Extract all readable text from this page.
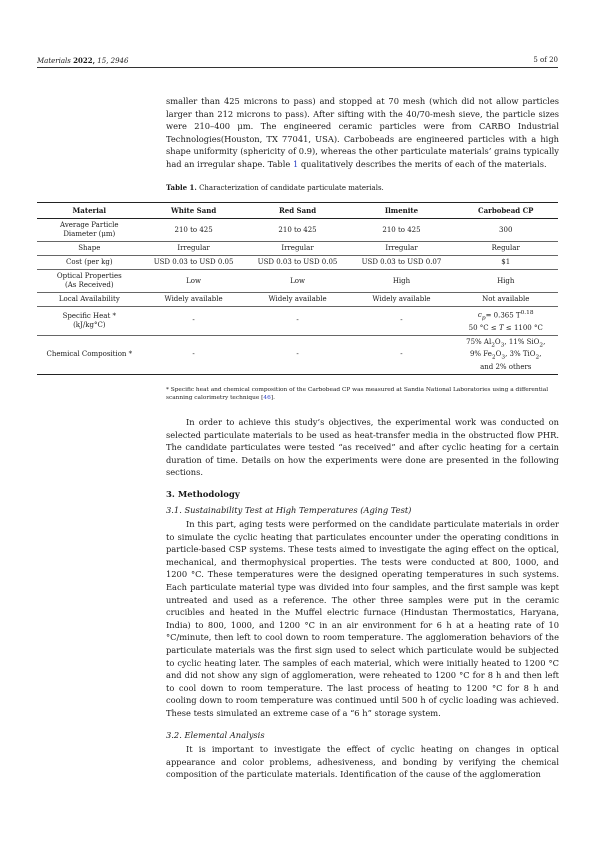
Materials 2022, 15, 2946	5 of 20

smaller than 425 microns to pass) and stopped at 70 mesh (which did not allow particles larger than 212 microns to pass). After sifting with the 40/70-mesh sieve, the particle sizes were 210–400 μm. The engineered ceramic particles were from CARBO Industrial Technologies(Houston, TX 77041, USA). Carbobeads are engineered particles with a high shape uniformity (sphericity of 0.9), whereas the other particulate materials’ grains typically had an irregular shape. Table 1 qualitatively describes the merits of each of the materials.

Table 1. Characterization of candidate particulate materials.

Material	White Sand	Red Sand	Ilmenite	Carbobead CP
Average Particle
Diameter (μm)	210 to 425	210 to 425	210 to 425	300
Shape	Irregular	Irregular	Irregular	Regular
Cost (per kg)	USD 0.03 to USD 0.05	USD 0.03 to USD 0.05	USD 0.03 to USD 0.07	$1
Optical Properties
(As Received)	Low	Low	High	High
Local Availability	Widely available	Widely available	Widely available	Not available
Specific Heat *
(kJ/kg°C)	-	-	-	$c_p= 0.365$ $T^{0.18}$
50 °C ≤ T ≤ 1100 °C
Chemical Composition *	-	-	-	75% $Al_2O_3$, 11% SiO$_2$,
9% $Fe_2O_3$, 3% TiO$_2$,
and 2% others

* Specific heat and chemical composition of the Carbobead CP was measured at Sandia National Laboratories using a differential scanning calorimetry technique [46].

In order to achieve this study’s objectives, the experimental work was conducted on selected particulate materials to be used as heat-transfer media in the obstructed flow PHR. The candidate particulates were tested “as received” and after cyclic heating for a certain duration of time. Details on how the experiments were done are presented in the following sections.

3. Methodology

3.1. Sustainability Test at High Temperatures (Aging Test)

In this part, aging tests were performed on the candidate particulate materials in order to simulate the cyclic heating that particulates encounter under the operating conditions in particle-based CSP systems. These tests aimed to investigate the aging effect on the optical, mechanical, and thermophysical properties. The tests were conducted at 800, 1000, and 1200 °C. These temperatures were the designed operating temperatures in such systems. Each particulate material type was divided into four samples, and the first sample was kept untreated and used as a reference. The other three samples were put in the ceramic crucibles and heated in the Muffel electric furnace (Hindustan Thermostatics, Haryana, India) to 800, 1000, and 1200 °C in an air environment for 6 h at a heating rate of 10 °C/minute, then left to cool down to room temperature. The agglomeration behaviors of the particulate materials was the first sign used to select which particulate would be subjected to cyclic heating later. The samples of each material, which were initially heated to 1200 °C and did not show any sign of agglomeration, were reheated to 1200 °C for 8 h and then left to cool down to room temperature. The last process of heating to 1200 °C for 8 h and cooling down to room temperature was continued until 500 h of cyclic loading was achieved. These tests simulated an extreme case of a “6 h” storage system.

3.2. Elemental Analysis

It is important to investigate the effect of cyclic heating on changes in optical appearance and color problems, adhesiveness, and bonding by verifying the chemical composition of the particulate materials. Identification of the cause of the agglomeration
